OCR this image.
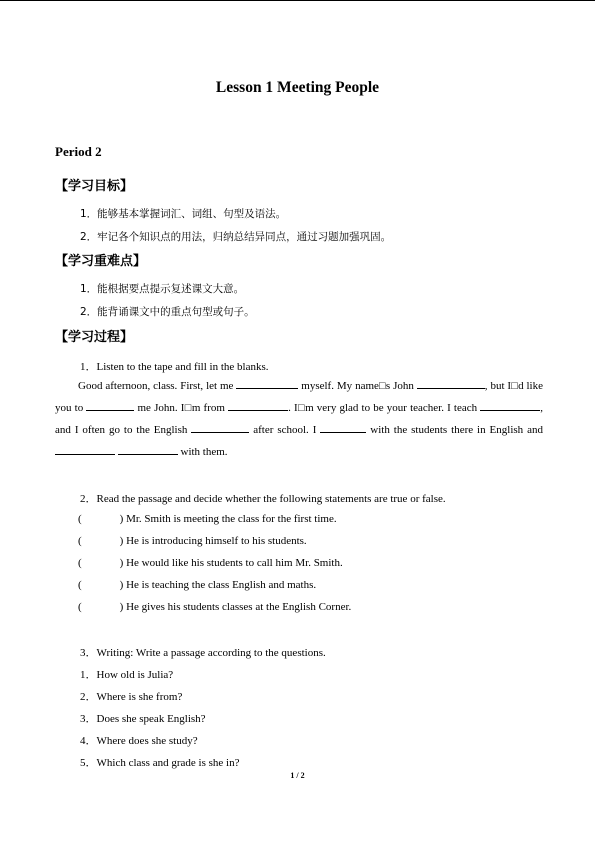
Lesson 1 Meeting People
Period 2
【学习目标】
1．能够基本掌握词汇、词组、句型及语法。
2．牢记各个知识点的用法，归纳总结异同点，通过习题加强巩固。
【学习重难点】
1．能根据要点提示复述课文大意。
2．能背诵课文中的重点句型或句子。
【学习过程】
1．Listen to the tape and fill in the blanks.

Good afternoon, class. First, let me	myself. My name□s John	, but I□d like you to	me John. I□m from	. I□m very glad to be your teacher. I teach	, and I often go to the English	after school. I	with the students there in English and   with them.

2．Read the passage and decide whether the following statements are true or false.
(	) Mr. Smith is meeting the class for the first time.
(	) He is introducing himself to his students.
(	) He would like his students to call him Mr. Smith.
(	) He is teaching the class English and maths.
(	) He gives his students classes at the English Corner.
3．Writing: Write a passage according to the questions.
1．How old is Julia?
2．Where is she from?
3．Does she speak English?
4．Where does she study?
5．Which class and grade is she in?
1 / 2
